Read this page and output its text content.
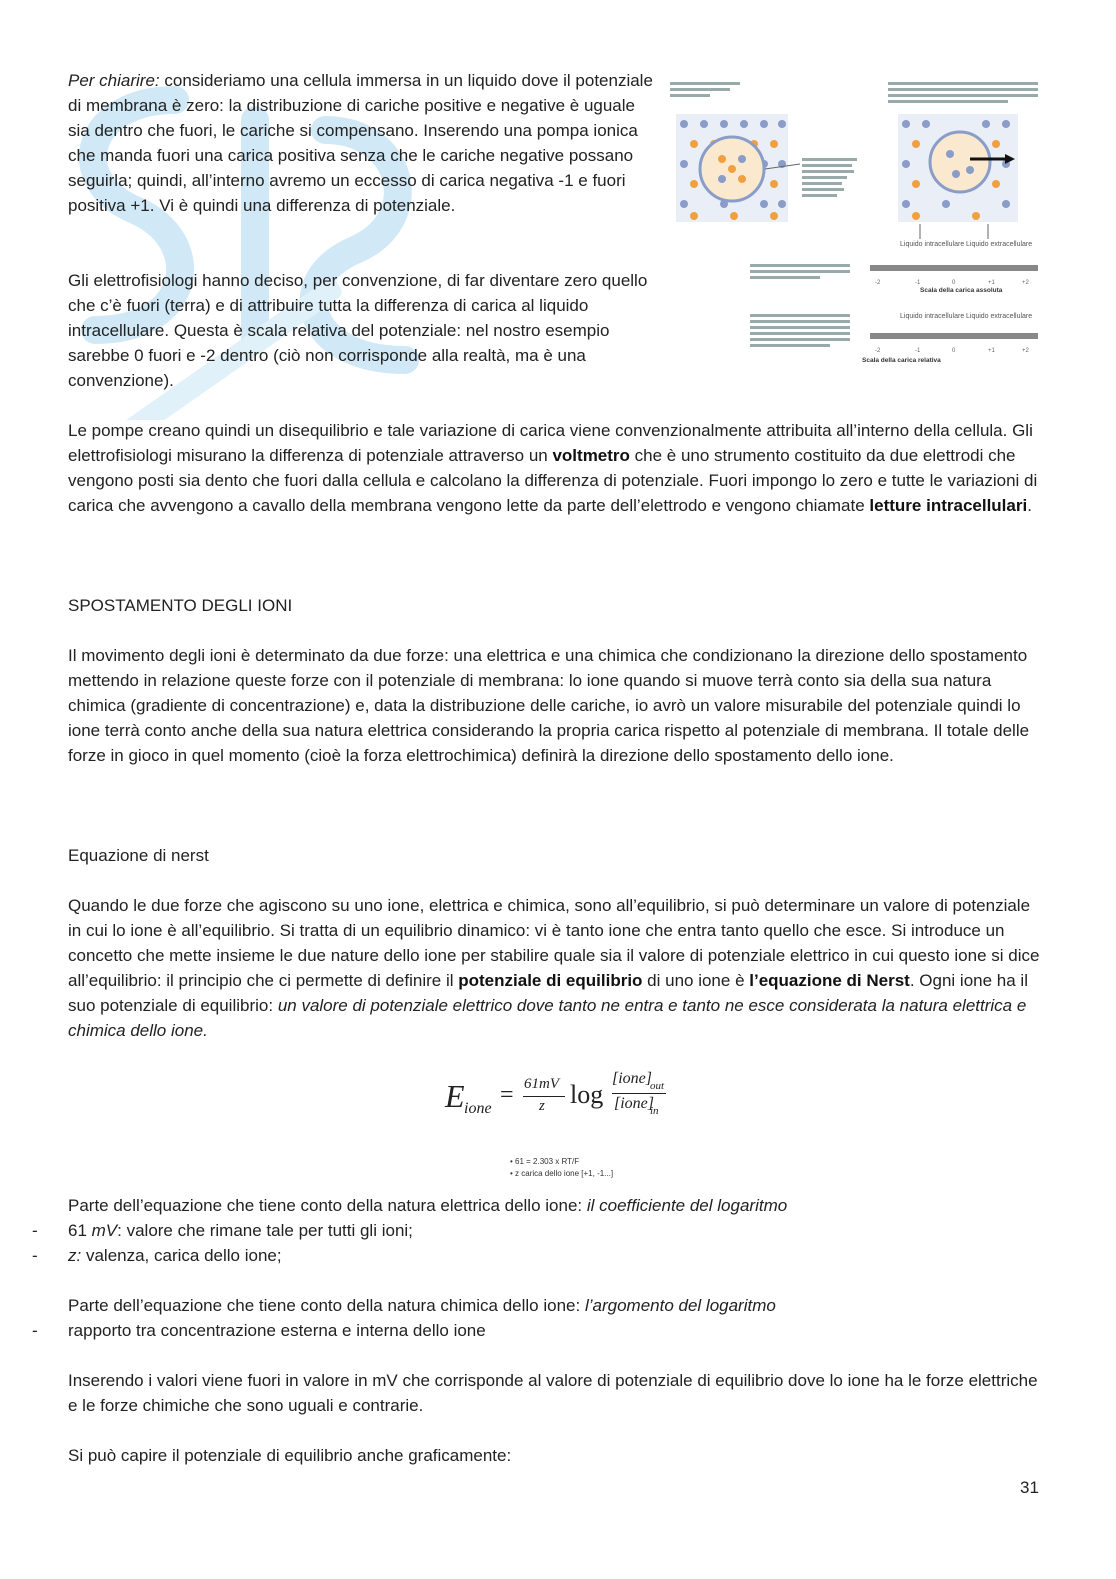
Per chiarire: consideriamo una cellula immersa in un liquido dove il potenziale di membrana è zero: la distribuzione di cariche positive e negative è uguale sia dentro che fuori, le cariche si compensano. Inserendo una pompa ionica che manda fuori una carica positiva senza che le cariche negative possano seguirla; quindi, all’interno avremo un eccesso di carica negativa -1 e fuori positiva +1. Vi è quindi una differenza di potenziale.
Gli elettrofisiologi hanno deciso, per convenzione, di far diventare zero quello che c’è fuori (terra) e di attribuire tutta la differenza di carica al liquido intracellulare. Questa è scala relativa del potenziale: nel nostro esempio sarebbe 0 fuori e -2 dentro (ciò non corrisponde alla realtà, ma è una convenzione).
Liquido intracellulare Liquido extracellulare
-2	-1	0	+1	+2
Scala della carica assoluta
Liquido intracellulare Liquido extracellulare
-2	-1	0	+1	+2
Scala della carica relativa
Le pompe creano quindi un disequilibrio e tale variazione di carica viene convenzionalmente attribuita all’interno della cellula. Gli elettrofisiologi misurano la differenza di potenziale attraverso un voltmetro che è uno strumento costituito da due elettrodi che vengono posti sia dento che fuori dalla cellula e calcolano la differenza di potenziale. Fuori impongo lo zero e tutte le variazioni di carica che avvengono a cavallo della membrana vengono lette da parte dell’elettrodo e vengono chiamate letture intracellulari.
SPOSTAMENTO DEGLI IONI
Il movimento degli ioni è determinato da due forze: una elettrica e una chimica che condizionano la direzione dello spostamento mettendo in relazione queste forze con il potenziale di membrana: lo ione quando si muove terrà conto sia della sua natura chimica (gradiente di concentrazione) e, data la distribuzione delle cariche, io avrò un valore misurabile del potenziale quindi lo ione terrà conto anche della sua natura elettrica considerando la propria carica rispetto al potenziale di membrana. Il totale delle forze in gioco in quel momento (cioè la forza elettrochimica) definirà la direzione dello spostamento dello ione.
Equazione di nerst
Quando le due forze che agiscono su uno ione, elettrica e chimica, sono all’equilibrio, si può determinare un valore di potenziale in cui lo ione è all’equilibrio. Si tratta di un equilibrio dinamico: vi è tanto ione che entra tanto quello che esce. Si introduce un concetto che mette insieme le due nature dello ione per stabilire quale sia il valore di potenziale elettrico in cui questo ione si dice all’equilibrio: il principio che ci permette di definire il potenziale di equilibrio di uno ione è l’equazione di Nerst. Ogni ione ha il suo potenziale di equilibrio: un valore di potenziale elettrico dove tanto ne entra e tanto ne esce considerata la natura elettrica e chimica dello ione.
E ione
= 61mV
z log
[ione]
out
[ione]
in
• 61 = 2.303 x RT/F
• z carica dello ione [+1, -1...]
Parte dell’equazione che tiene conto della natura elettrica dello ione: il coefficiente del logaritmo
- 61 mV: valore che rimane tale per tutti gli ioni;
- z: valenza, carica dello ione;
Parte dell’equazione che tiene conto della natura chimica dello ione: l’argomento del logaritmo
- rapporto tra concentrazione esterna e interna dello ione
Inserendo i valori viene fuori in valore in mV che corrisponde al valore di potenziale di equilibrio dove lo ione ha le forze elettriche e le forze chimiche che sono uguali e contrarie.
Si può capire il potenziale di equilibrio anche graficamente:
31
